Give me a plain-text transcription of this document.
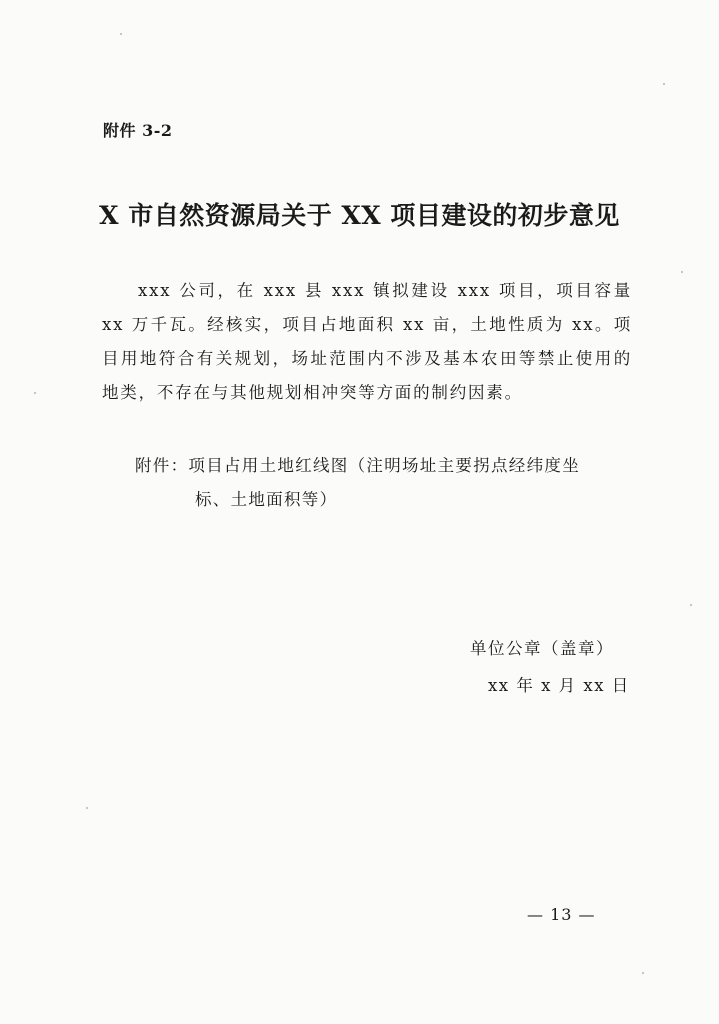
附件 3-2
X 市自然资源局关于 XX 项目建设的初步意见

xxx 公司，在 xxx 县 xxx 镇拟建设 xxx 项目，项目容量 xx 万千瓦。经核实，项目占地面积 xx 亩，土地性质为 xx。项目用地符合有关规划，场址范围内不涉及基本农田等禁止使用的地类，不存在与其他规划相冲突等方面的制约因素。

附件：项目占用土地红线图（注明场址主要拐点经纬度坐
标、土地面积等）
单位公章（盖章）
xx 年 x 月 xx 日
— 13 —
